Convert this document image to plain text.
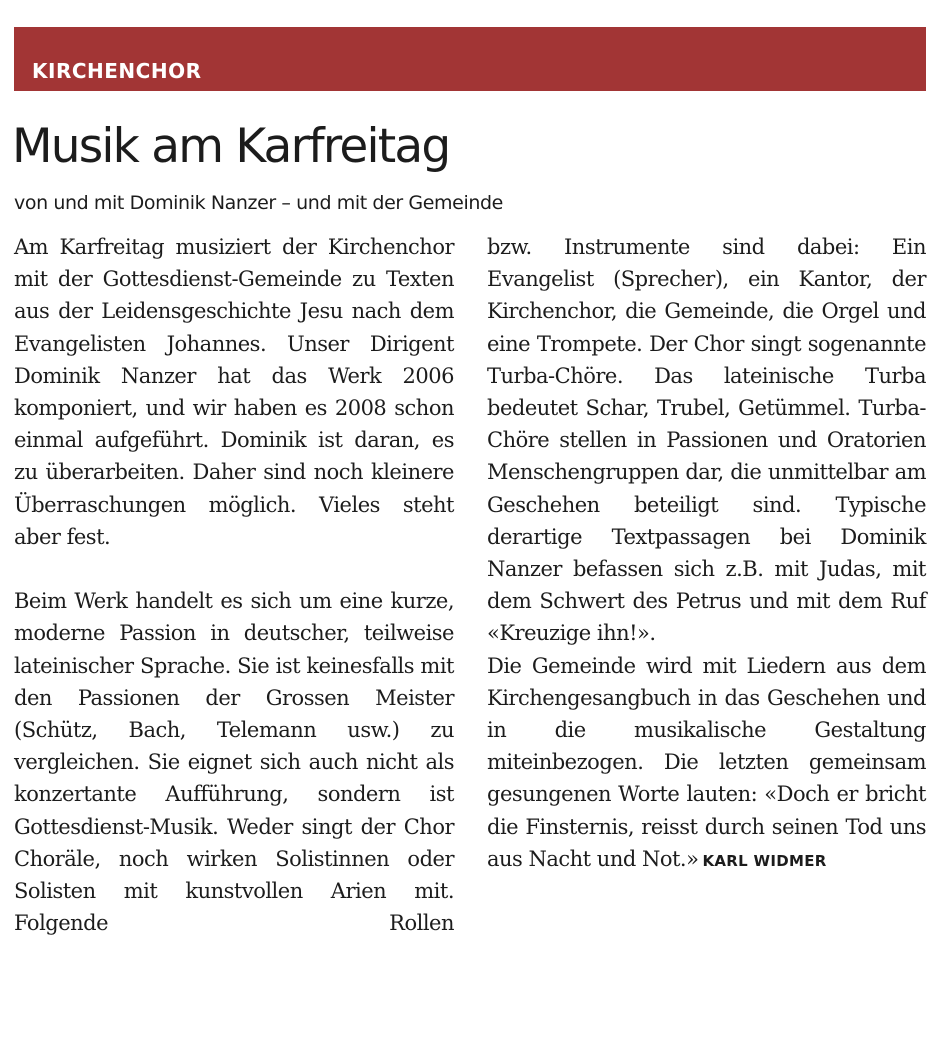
KIRCHENCHOR
Musik am Karfreitag
von und mit Dominik Nanzer – und mit der Gemeinde

Am Karfreitag musiziert der Kirchenchor mit der Gottesdienst-Gemeinde zu Texten aus der Leidensgeschichte Jesu nach dem Evangelisten Johannes. Unser Dirigent Dominik Nanzer hat das Werk 2006 komponiert, und wir haben es 2008 schon einmal aufgeführt. Dominik ist daran, es zu überarbeiten. Daher sind noch kleinere Überraschungen möglich. Vieles steht aber fest.

Beim Werk handelt es sich um eine kurze, moderne Passion in deutscher, teilweise lateinischer Sprache. Sie ist keinesfalls mit den Passionen der Grossen Meister (Schütz, Bach, Telemann usw.) zu vergleichen. Sie eignet sich auch nicht als konzertante Aufführung, sondern ist Gottesdienst-Musik. Weder singt der Chor Choräle, noch wirken Solistinnen oder Solisten mit kunstvollen Arien mit. Folgende Rollen

bzw. Instrumente sind dabei: Ein Evangelist (Sprecher), ein Kantor, der Kirchenchor, die Gemeinde, die Orgel und eine Trompete. Der Chor singt sogenannte Turba-Chöre. Das lateinische Turba bedeutet Schar, Trubel, Getümmel. Turba-Chöre stellen in Passionen und Oratorien Menschengruppen dar, die unmittelbar am Geschehen beteiligt sind. Typische derartige Textpassagen bei Dominik Nanzer befassen sich z.B. mit Judas, mit dem Schwert des Petrus und mit dem Ruf «Kreuzige ihn!».

Die Gemeinde wird mit Liedern aus dem Kirchengesangbuch in das Geschehen und in die musikalische Gestaltung miteinbezogen. Die letzten gemeinsam gesungenen Worte lauten: «Doch er bricht die Finsternis, reisst durch seinen Tod uns aus Nacht und Not.» KARL WIDMER
